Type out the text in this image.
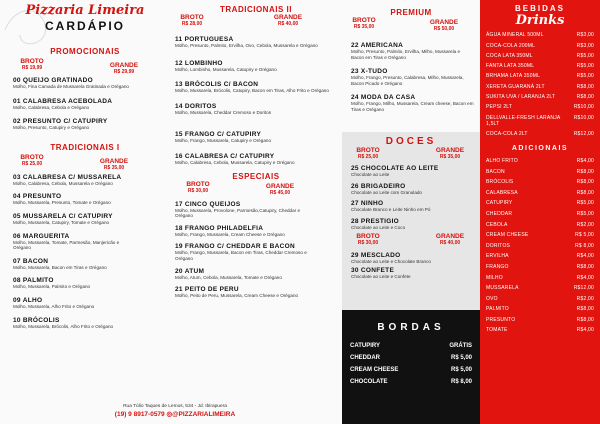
Pizzaria Limeira
CARDÁPIO
PROMOCIONAIS
BROTO
R$ 19,99	GRANDE
R$ 29,99
00 QUEIJO GRATINADO
Molho, Fina Camada de Mussarela Gratinada e Orégano
01 CALABRESA ACEBOLADA
Molho, Calabresa, Cebola e Orégano
02 PRESUNTO C/ CATUPIRY
Molho, Presunto, Catupiry e Orégano
TRADICIONAIS I
BROTO
R$ 25,00	GRANDE
R$ 35,00
03 CALABRESA C/ MUSSARELA
Molho, Calabresa, Cebola, Mussarela e Orégano
04 PRESUNTO
Molho, Mussarela, Presunto, Tomate e Orégano
05 MUSSARELA C/ CATUPIRY
Molho, Mussarela, Catupiry, Tomate e Orégano
06 MARGUERITA
Molho, Mussarela, Tomate, Parmesão, Manjericão e Orégano
07 BACON
Molho, Mussarela, Bacon em Tiras e Orégano
08 PALMITO
Molho, Mussarela, Palmito e Orégano
09 ALHO
Molho, Mussarela, Alho Frito e Orégano
10 BRÓCOLIS
Molho, Mussarela, Brócolis, Alho Frito e Orégano
TRADICIONAIS II
BROTO
R$ 28,00
GRANDE
R$ 40,00
11 PORTUGUESA
Molho, Presunto, Palmito, Ervilha, Ovo, Cebola, Mussarela e Orégano
12 LOMBINHO
Molho, Lombinho, Mussarela, Catupiry e Orégano
13 BRÓCOLIS C/ BACON
Molho, Mussarela, Brócolis, Catupiry, Bacon em Tiras, Alho Frito e Orégano
14 DORITOS
Molho, Mussarela, Cheddar Cremoso e Doritos
15 FRANGO C/ CATUPIRY
Molho, Frango, Mussarela, Catupiry e Orégano
16 CALABRESA C/ CATUPIRY
Molho, Calabresa, Cebola, Mussarela, Catupiry e Orégano
ESPECIAIS
BROTO
R$ 30,00
GRANDE
R$ 45,00
17 CINCO QUEIJOS
Molho, Mussarela, Provolone, Parmesão,Catupiry, Cheddar e Orégano
18 FRANGO PHILADELFIA
Molho, Frango, Mussarela, Cream Cheese e Orégano
19 FRANGO C/ CHEDDAR E BACON
Molho, Frango, Mussarela, Bacon em Tiras, Cheddar Cremoso e Orégano
20 ATUM
Molho, Atum, Cebola, Mussarela, Tomate e Orégano
21 PEITO DE PERU
Molho, Peito de Peru, Mussarela, Cream Cheese e Orégano
PREMIUM
BROTO
R$ 35,00
GRANDE
R$ 50,00
22 AMERICANA
Molho, Presunto, Palmito, Ervilha, Milho, Mussarela e Bacon em Tiras e Orégano
23 X-TUDO
Molho, Frango, Presunto, Calabresa, Milho, Mussarela, Bacon Picado e Orégano
24 MODA DA CASA
Molho, Frango, Milho, Mussarela, Cream cheese, Bacon em Tiras e Orégano
DOCES
BROTO
R$ 25,00
GRANDE
R$ 35,00
25 CHOCOLATE AO LEITE
Chocolate ao Leite
26 BRIGADEIRO
Chocolate ao Leite com Granulado
27 NINHO
Chocolate Branco e Leite Ninho em Pó
28 PRESTIGIO
Chocolate ao Leite e Coco
BROTO
R$ 30,00
GRANDE
R$ 40,00
29 MESCLADO
Chocolate ao Leite e Chocolate Branco
30 CONFETE
Chocolate ao Leite e Confete
BORDAS
CATUPIRY	GRÁTIS
CHEDDAR	R$ 5,00
CREAM CHEESE	R$ 5,00
CHOCOLATE	R$ 8,00
BEBIDAS
Drinks
ÁGUA MINERAL 500ML	R$3,00
COCA-COLA 200ML	R$3,00
COCA LATA 350ML	R$5,00
FANTA LATA 350ML	R$5,00
BRHAMA LATA 350ML	R$5,00
XERETA GUARANÁ 2LT	R$8,00
SUKITA UVA / LARANJA 2LT	R$8,00
PEPSI 2LT	R$10,00
DELLVALLE-FRESH LARANJA 1,5LT
R$10,00
COCA-COLA 2LT	R$12,00
ADICIONAIS
ALHO FRITO	R$4,00
BACON	R$8,00
BRÓCOLIS	R$8,00
CALABRESA	R$8,00
CATUPIRY	R$5,00
CHEDDAR	R$5,00
CEBOLA	R$2,00
CREAM CHEESE	R$ 5,00
DORITOS	R$ 8,00
ERVILHA	R$4,00
FRANGO	R$8,00
MILHO	R$4,00
MUSSARELA	R$12,00
OVO	R$2,00
PALMITO	R$8,00
PRESUNTO	R$8,00
TOMATE	R$4,00
Rua Túlio Taques de Lemos, 534 - Jd. Ibirapuera
(19) 9 8917-0579 ◎@PIZZARIALIMEIRA
